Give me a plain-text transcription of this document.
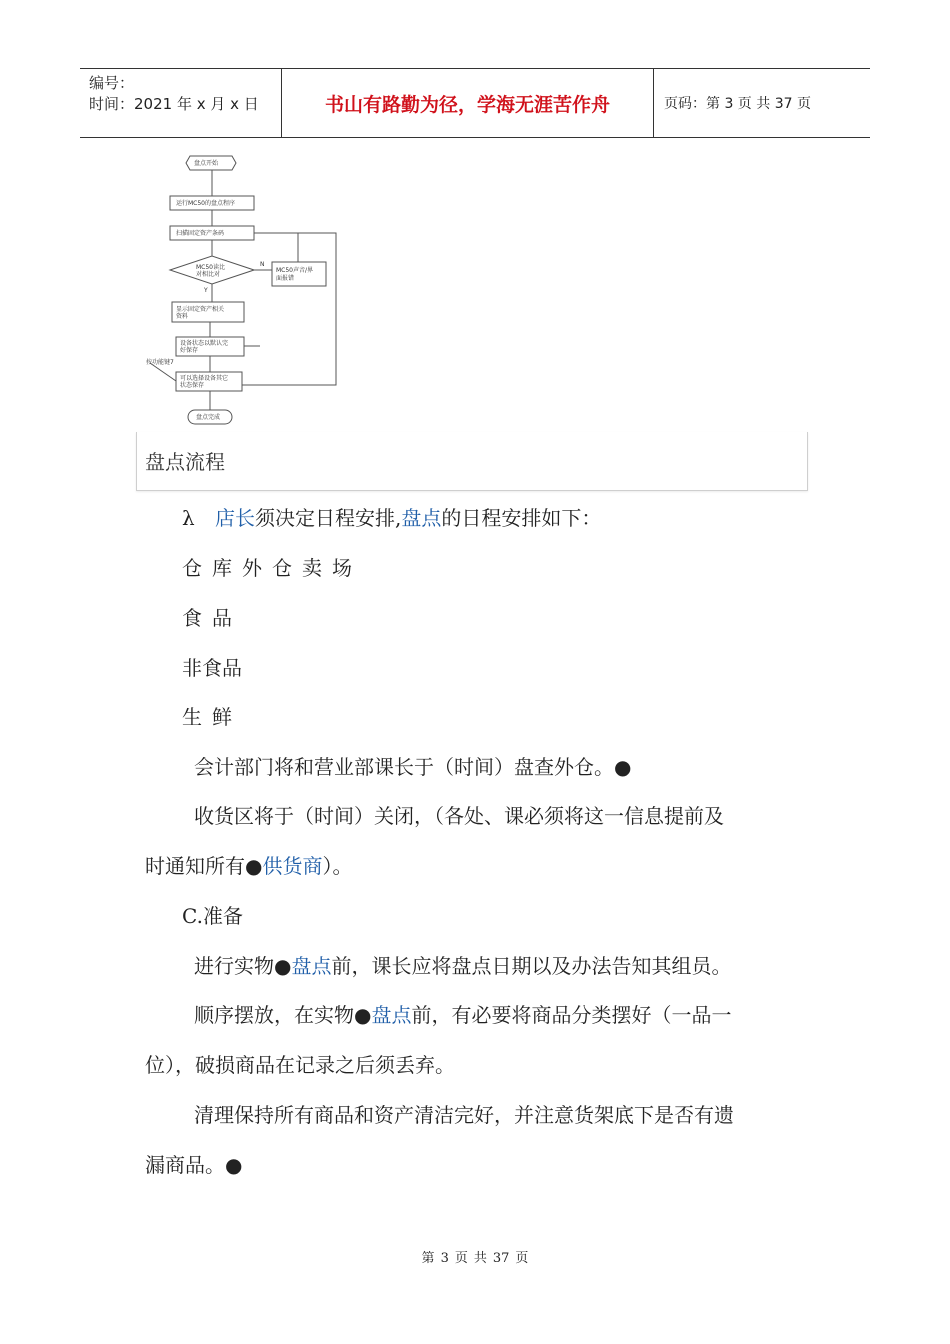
编号：
时间：2021 年 x 月 x 日	书山有路勤为径，学海无涯苦作舟	页码：第 3 页 共 37 页
盘点开始
运行MC50的盘点程序
扫描固定资产条码
MC50读比
对相比对
N
Y
MC50声音/界
面报错
显示固定资产相关
资料
设备状态以默认完
好保存
按功能键7
可以选择设备其它
状态保存
盘点完成
盘点流程
λ 店长须决定日程安排,盘点的日程安排如下：
仓库外仓卖场
食品
非食品
生鲜
会计部门将和营业部课长于（时间）盘查外仓。●
收货区将于（时间）关闭，（各处、课必须将这一信息提前及
时通知所有●供货商）。
C.准备
进行实物●盘点前，课长应将盘点日期以及办法告知其组员。
顺序摆放，在实物●盘点前，有必要将商品分类摆好（一品一
位），破损商品在记录之后须丢弃。
清理保持所有商品和资产清洁完好，并注意货架底下是否有遗
漏商品。●
第 3 页 共 37 页
